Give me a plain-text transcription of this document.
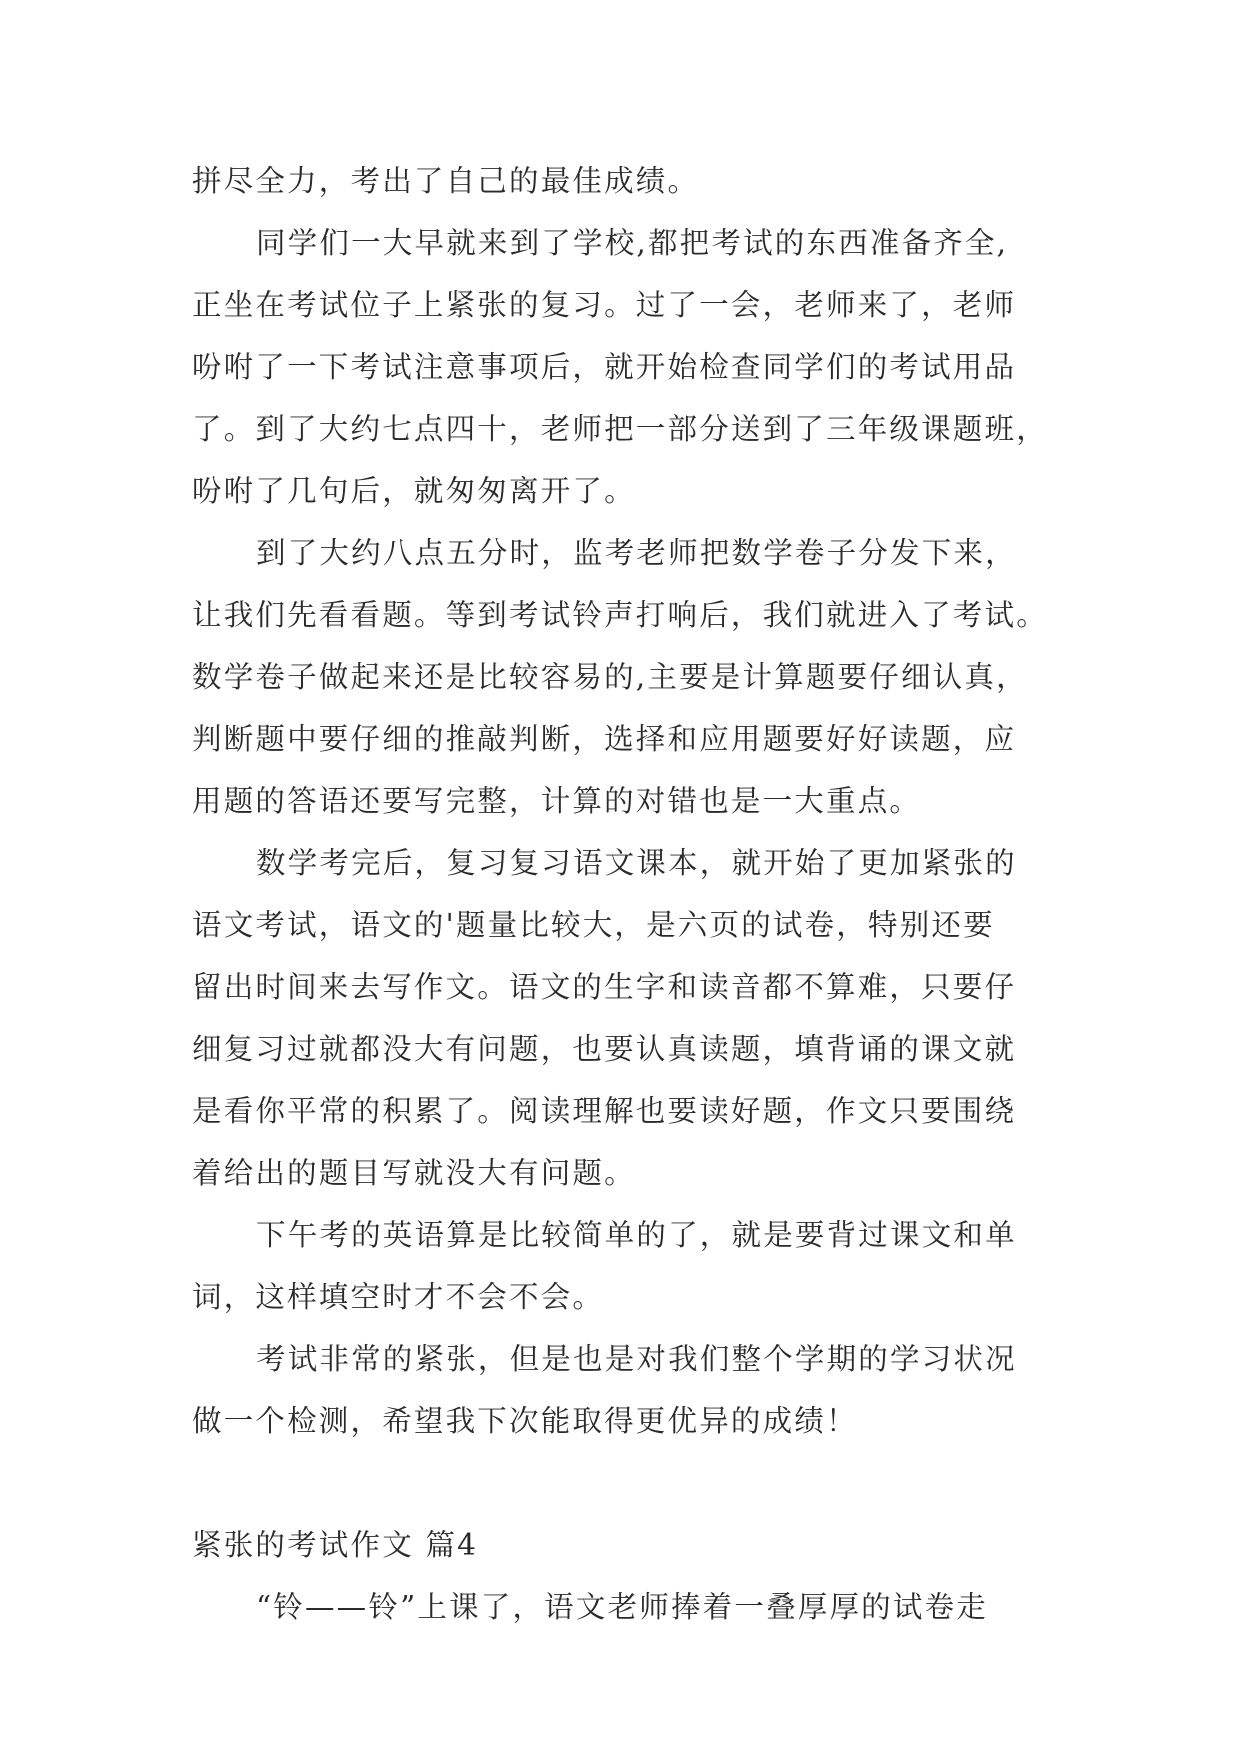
拼尽全力，考出了自己的最佳成绩。
同学们一大早就来到了学校,都把考试的东西准备齐全,
正坐在考试位子上紧张的复习。过了一会，老师来了，老师
吩咐了一下考试注意事项后，就开始检查同学们的考试用品
了。到了大约七点四十，老师把一部分送到了三年级课题班，
吩咐了几句后，就匆匆离开了。
到了大约八点五分时，监考老师把数学卷子分发下来，
让我们先看看题。等到考试铃声打响后，我们就进入了考试。
数学卷子做起来还是比较容易的,主要是计算题要仔细认真，
判断题中要仔细的推敲判断，选择和应用题要好好读题，应
用题的答语还要写完整，计算的对错也是一大重点。
数学考完后，复习复习语文课本，就开始了更加紧张的
语文考试，语文的'题量比较大，是六页的试卷，特别还要
留出时间来去写作文。语文的生字和读音都不算难，只要仔
细复习过就都没大有问题，也要认真读题，填背诵的课文就
是看你平常的积累了。阅读理解也要读好题，作文只要围绕
着给出的题目写就没大有问题。
下午考的英语算是比较简单的了，就是要背过课文和单
词，这样填空时才不会不会。
考试非常的紧张，但是也是对我们整个学期的学习状况
做一个检测，希望我下次能取得更优异的成绩！
紧张的考试作文 篇4
“铃——铃”上课了，语文老师捧着一叠厚厚的试卷走
